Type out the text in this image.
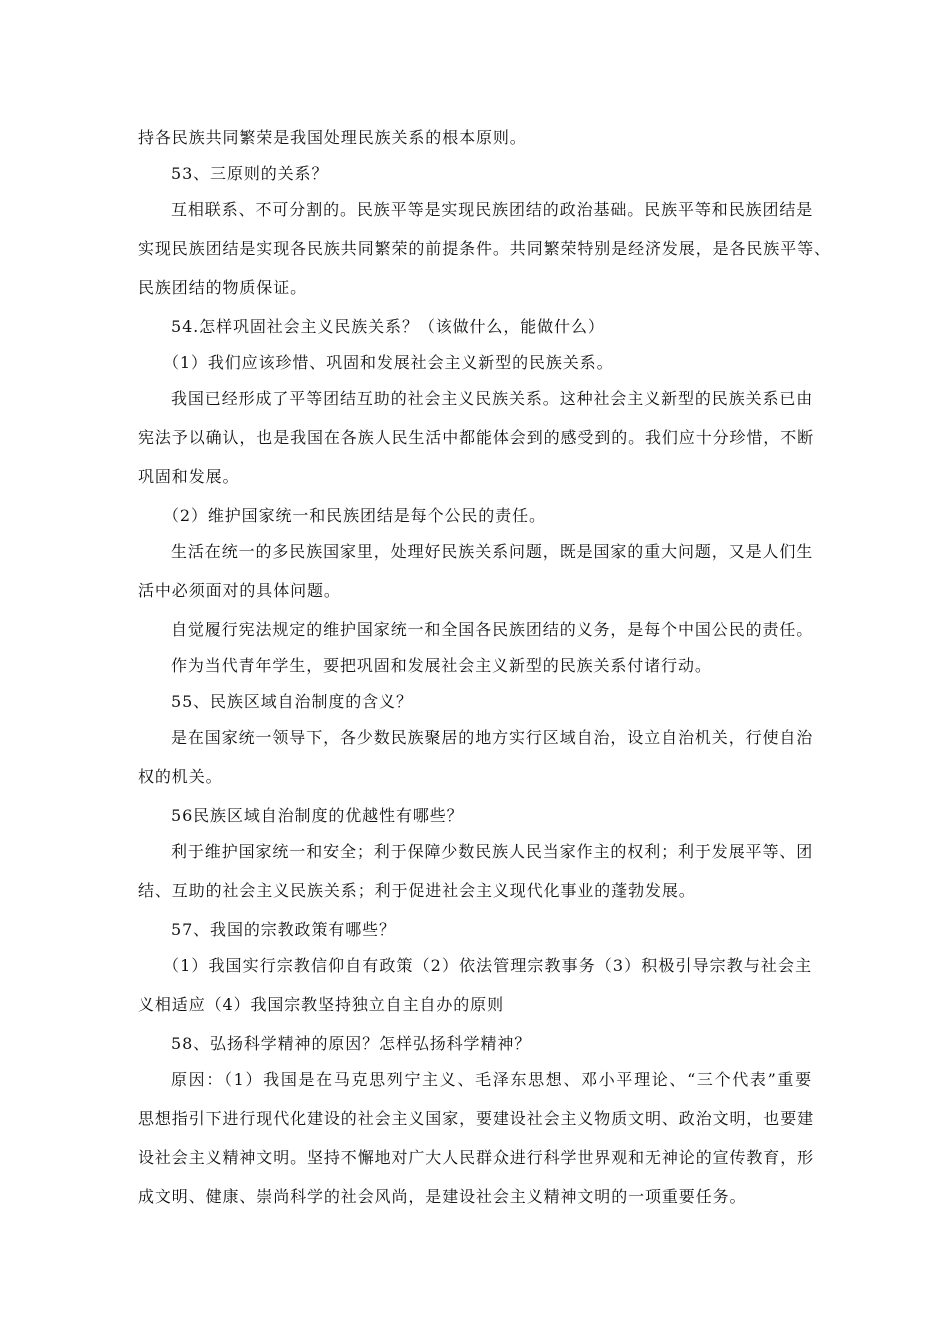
持各民族共同繁荣是我国处理民族关系的根本原则。
53、三原则的关系？
互相联系、不可分割的。民族平等是实现民族团结的政治基础。民族平等和民族团结是
实现民族团结是实现各民族共同繁荣的前提条件。共同繁荣特别是经济发展，是各民族平等、
民族团结的物质保证。
54.怎样巩固社会主义民族关系？（该做什么，能做什么）
（1）我们应该珍惜、巩固和发展社会主义新型的民族关系。
我国已经形成了平等团结互助的社会主义民族关系。这种社会主义新型的民族关系已由
宪法予以确认，也是我国在各族人民生活中都能体会到的感受到的。我们应十分珍惜，不断
巩固和发展。
（2）维护国家统一和民族团结是每个公民的责任。
生活在统一的多民族国家里，处理好民族关系问题，既是国家的重大问题，又是人们生
活中必须面对的具体问题。
自觉履行宪法规定的维护国家统一和全国各民族团结的义务，是每个中国公民的责任。
作为当代青年学生，要把巩固和发展社会主义新型的民族关系付诸行动。
55、民族区域自治制度的含义？
是在国家统一领导下，各少数民族聚居的地方实行区域自治，设立自治机关，行使自治
权的机关。
56民族区域自治制度的优越性有哪些？
利于维护国家统一和安全；利于保障少数民族人民当家作主的权利；利于发展平等、团
结、互助的社会主义民族关系；利于促进社会主义现代化事业的蓬勃发展。
57、我国的宗教政策有哪些？
（1）我国实行宗教信仰自有政策（2）依法管理宗教事务（3）积极引导宗教与社会主
义相适应（4）我国宗教坚持独立自主自办的原则
58、弘扬科学精神的原因？怎样弘扬科学精神？
原因：（1）我国是在马克思列宁主义、毛泽东思想、邓小平理论、“三个代表”重要
思想指引下进行现代化建设的社会主义国家，要建设社会主义物质文明、政治文明，也要建
设社会主义精神文明。坚持不懈地对广大人民群众进行科学世界观和无神论的宣传教育，形
成文明、健康、崇尚科学的社会风尚，是建设社会主义精神文明的一项重要任务。
